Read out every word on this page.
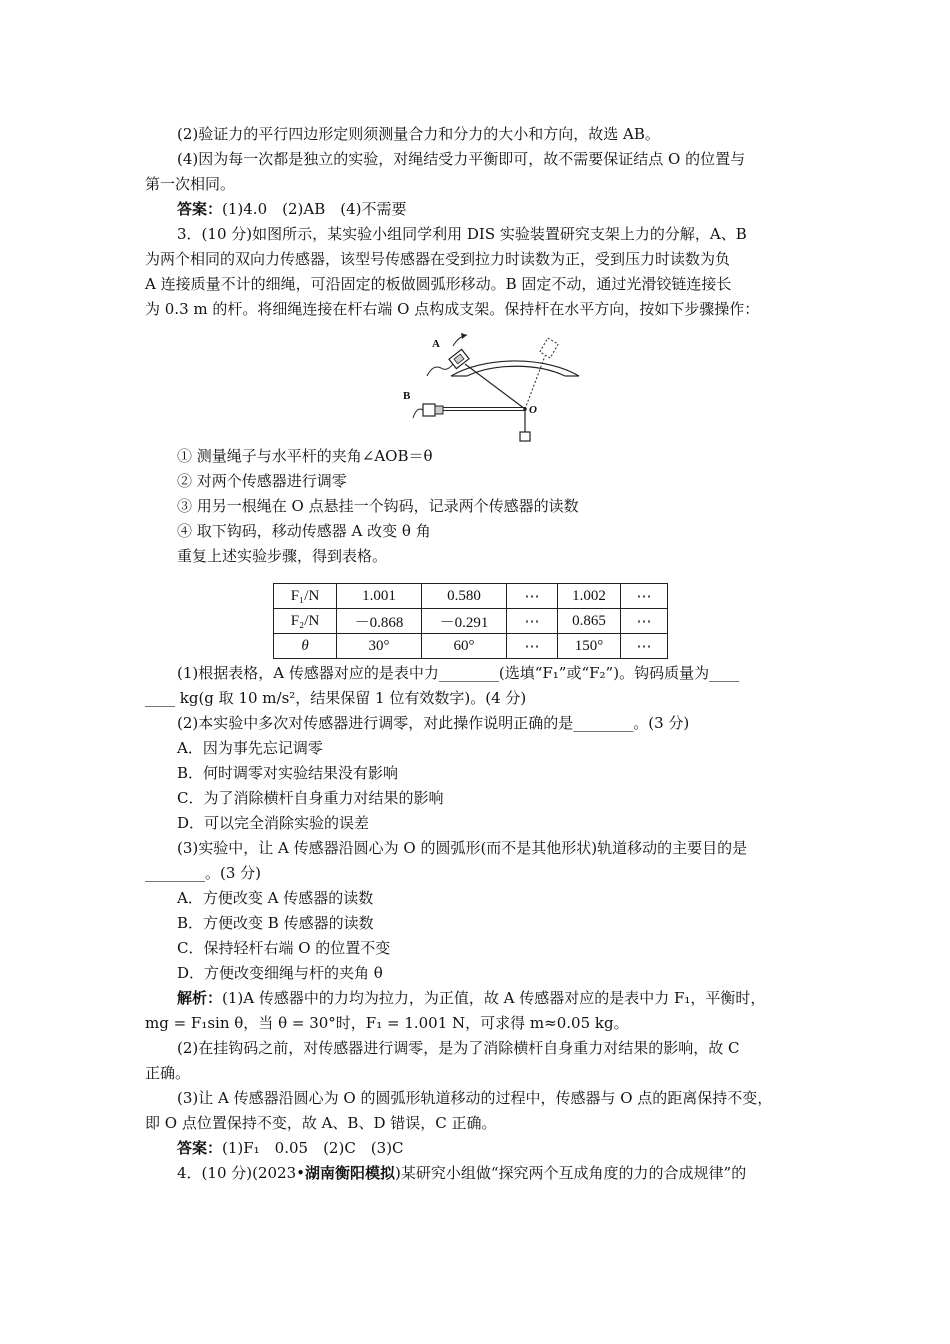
(2)验证力的平行四边形定则须测量合力和分力的大小和方向，故选 AB。

(4)因为每一次都是独立的实验，对绳结受力平衡即可，故不需要保证结点 O 的位置与

第一次相同。

答案：(1)4.0　(2)AB　(4)不需要

3．(10 分)如图所示，某实验小组同学利用 DIS 实验装置研究支架上力的分解，A、B

为两个相同的双向力传感器，该型号传感器在受到拉力时读数为正，受到压力时读数为负

A 连接质量不计的细绳，可沿固定的板做圆弧形移动。B 固定不动，通过光滑铰链连接长

为 0.3 m 的杆。将细绳连接在杆右端 O 点构成支架。保持杆在水平方向，按如下步骤操作：

A
B
O

① 测量绳子与水平杆的夹角∠AOB＝θ

② 对两个传感器进行调零

③ 用另一根绳在 O 点悬挂一个钩码，记录两个传感器的读数

④ 取下钩码，移动传感器 A 改变 θ 角

重复上述实验步骤，得到表格。

F₁/N	1.001	0.580	⋯	1.002	⋯
F₂/N	－0.868	－0.291	⋯	0.865	⋯
θ	30°	60°	⋯	150°	⋯

(1)根据表格，A 传感器对应的是表中力________(选填“F₁”或“F₂”)。钩码质量为____

____ kg(g 取 10 m/s²，结果保留 1 位有效数字)。(4 分)

(2)本实验中多次对传感器进行调零，对此操作说明正确的是________。(3 分)

A．因为事先忘记调零

B．何时调零对实验结果没有影响

C．为了消除横杆自身重力对结果的影响

D．可以完全消除实验的误差

(3)实验中，让 A 传感器沿圆心为 O 的圆弧形(而不是其他形状)轨道移动的主要目的是

________。(3 分)

A．方便改变 A 传感器的读数

B．方便改变 B 传感器的读数

C．保持轻杆右端 O 的位置不变

D．方便改变细绳与杆的夹角 θ

解析：(1)A 传感器中的力均为拉力，为正值，故 A 传感器对应的是表中力 F₁，平衡时，

mg = F₁sin θ，当 θ = 30°时，F₁ = 1.001 N，可求得 m≈0.05 kg。

(2)在挂钩码之前，对传感器进行调零，是为了消除横杆自身重力对结果的影响，故 C

正确。

(3)让 A 传感器沿圆心为 O 的圆弧形轨道移动的过程中，传感器与 O 点的距离保持不变，

即 O 点位置保持不变，故 A、B、D 错误，C 正确。

答案：(1)F₁　0.05　(2)C　(3)C

4．(10 分)(2023•湖南衡阳模拟)某研究小组做“探究两个互成角度的力的合成规律”的
